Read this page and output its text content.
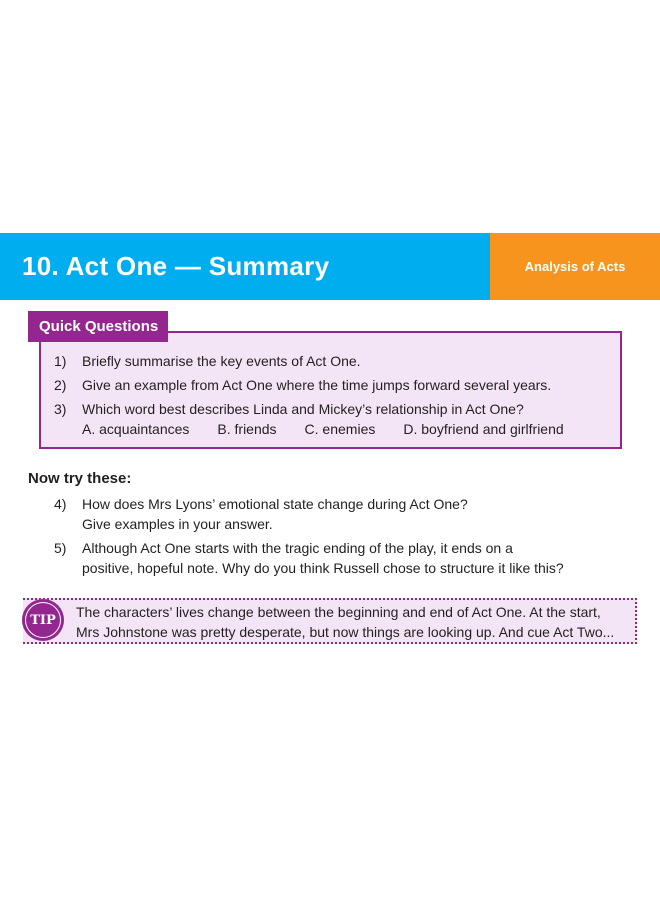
10. Act One — Summary	Analysis of Acts
Quick Questions
1) Briefly summarise the key events of Act One.
2) Give an example from Act One where the time jumps forward several years.
3) Which word best describes Linda and Mickey’s relationship in Act One?
A. acquaintances B. friends C. enemies D. boyfriend and girlfriend
Now try these:
4) How does Mrs Lyons’ emotional state change during Act One?
Give examples in your answer.
5) Although Act One starts with the tragic ending of the play, it ends on a
positive, hopeful note. Why do you think Russell chose to structure it like this?
TIP	The characters’ lives change between the beginning and end of Act One. At the start,
Mrs Johnstone was pretty desperate, but now things are looking up. And cue Act Two...
